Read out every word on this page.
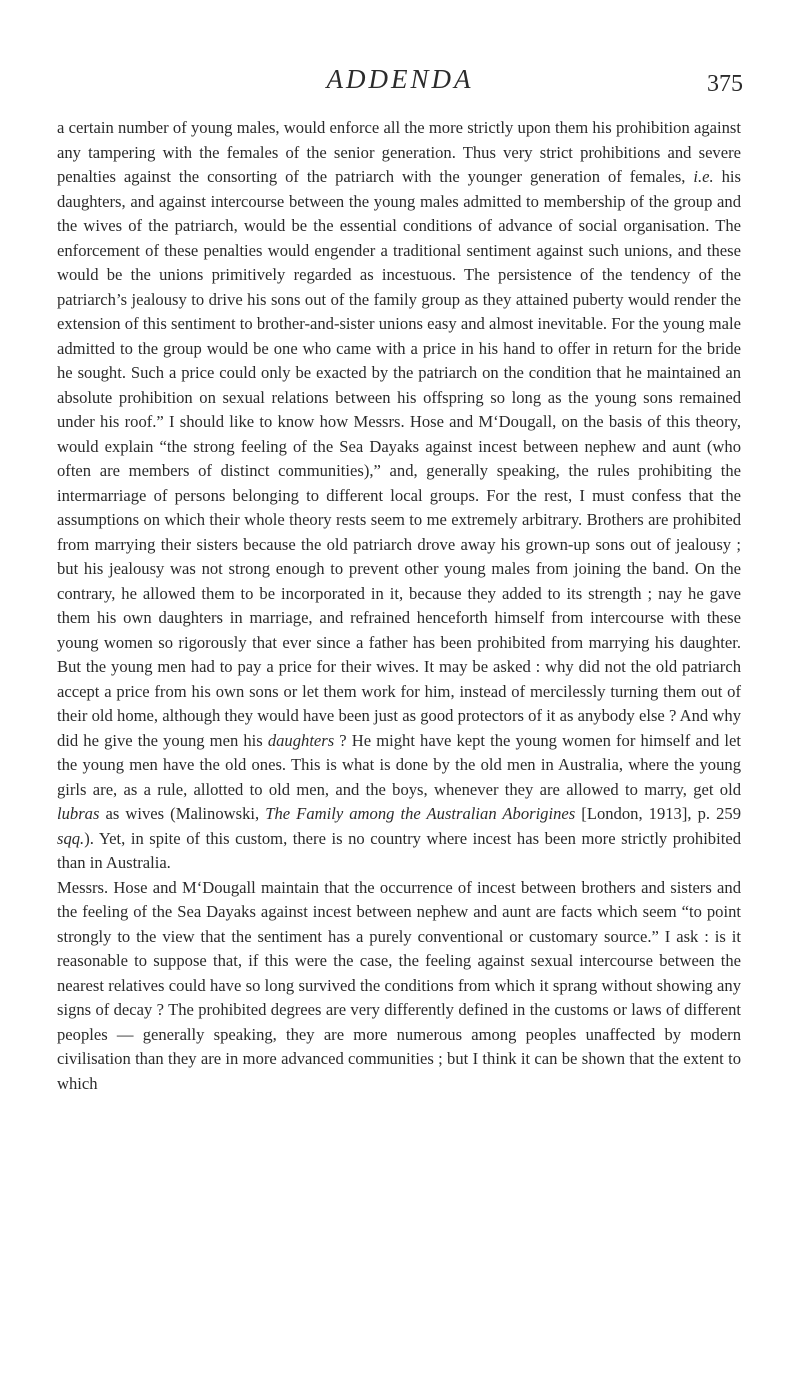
ADDENDA	375

a certain number of young males, would enforce all the more strictly upon them his prohibition against any tampering with the females of the senior generation. Thus very strict prohibitions and severe penalties against the consorting of the patriarch with the younger generation of females, i.e. his daughters, and against intercourse between the young males admitted to membership of the group and the wives of the patriarch, would be the essential conditions of advance of social organisation. The enforcement of these penalties would engender a traditional sentiment against such unions, and these would be the unions primitively regarded as incestuous. The persistence of the tendency of the patriarch’s jealousy to drive his sons out of the family group as they attained puberty would render the extension of this sentiment to brother-and-sister unions easy and almost inevitable. For the young male admitted to the group would be one who came with a price in his hand to offer in return for the bride he sought. Such a price could only be exacted by the patriarch on the condition that he maintained an absolute prohibition on sexual relations between his offspring so long as the young sons remained under his roof.” I should like to know how Messrs. Hose and M‘Dougall, on the basis of this theory, would explain “the strong feeling of the Sea Dayaks against incest between nephew and aunt (who often are members of distinct communities),” and, generally speaking, the rules prohibiting the intermarriage of persons belonging to different local groups. For the rest, I must confess that the assumptions on which their whole theory rests seem to me extremely arbitrary. Brothers are prohibited from marrying their sisters because the old patriarch drove away his grown-up sons out of jealousy ; but his jealousy was not strong enough to prevent other young males from joining the band. On the contrary, he allowed them to be incorporated in it, because they added to its strength ; nay he gave them his own daughters in marriage, and refrained henceforth himself from intercourse with these young women so rigorously that ever since a father has been prohibited from marrying his daughter. But the young men had to pay a price for their wives. It may be asked : why did not the old patriarch accept a price from his own sons or let them work for him, instead of mercilessly turning them out of their old home, although they would have been just as good protectors of it as anybody else ? And why did he give the young men his daughters ? He might have kept the young women for himself and let the young men have the old ones. This is what is done by the old men in Australia, where the young girls are, as a rule, allotted to old men, and the boys, whenever they are allowed to marry, get old lubras as wives (Malinowski, The Family among the Australian Aborigines [London, 1913], p. 259 sqq.). Yet, in spite of this custom, there is no country where incest has been more strictly prohibited than in Australia.

Messrs. Hose and M‘Dougall maintain that the occurrence of incest between brothers and sisters and the feeling of the Sea Dayaks against incest between nephew and aunt are facts which seem “to point strongly to the view that the sentiment has a purely conventional or customary source.” I ask : is it reasonable to suppose that, if this were the case, the feeling against sexual intercourse between the nearest relatives could have so long survived the conditions from which it sprang without showing any signs of decay ? The prohibited degrees are very differently defined in the customs or laws of different peoples — generally speaking, they are more numerous among peoples unaffected by modern civilisation than they are in more advanced communities ; but I think it can be shown that the extent to which
